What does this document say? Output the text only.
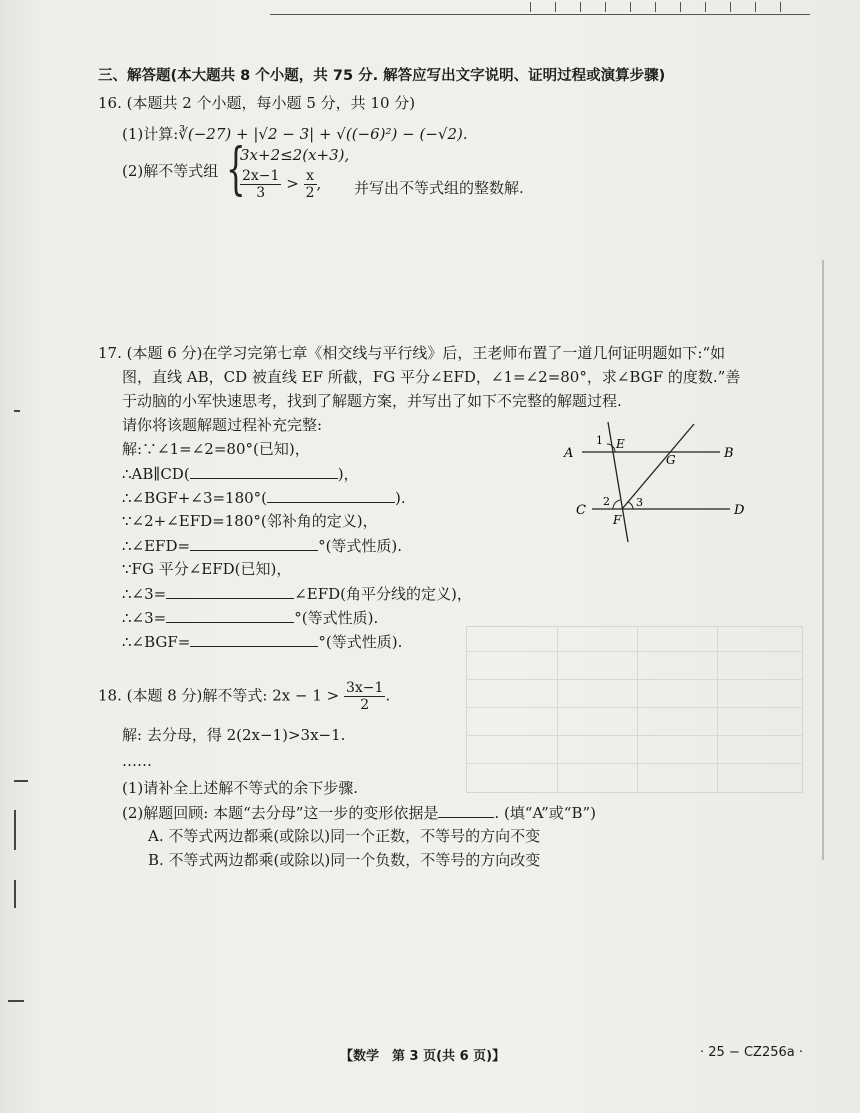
三、解答题(本大题共 8 个小题，共 75 分. 解答应写出文字说明、证明过程或演算步骤)
16. (本题共 2 个小题，每小题 5 分，共 10 分)
(1)计算:∛(−27) + |√2 − 3| + √((−6)²) − (−√2).
(2)解不等式组 {
3x+2≤2(x+3),
$\frac{2x-1}{3} > \frac{x}{2}$ , 并写出不等式组的整数解.
17. (本题 6 分)在学习完第七章《相交线与平行线》后，王老师布置了一道几何证明题如下:“如
图，直线 AB，CD 被直线 EF 所截，FG 平分∠EFD，∠1=∠2=80°，求∠BGF 的度数.”善
于动脑的小军快速思考，找到了解题方案，并写出了如下不完整的解题过程.
请你将该题解题过程补充完整:
解:∵∠1=∠2=80°(已知)，
∴AB∥CD(	)，
∴∠BGF+∠3=180°(	).
∵∠2+∠EFD=180°(邻补角的定义)，
∴∠EFD=	°(等式性质).
∵FG 平分∠EFD(已知)，
∴∠3=	∠EFD(角平分线的定义)，
∴∠3=	°(等式性质).
∴∠BGF=	°(等式性质).
A	B
C	D
E
F
G
1
2 3
18. (本题 8 分)解不等式: $2x - 1 > \frac{3x-1}{2}$ .
解: 去分母，得 2(2x−1)>3x−1.
……
(1)请补全上述解不等式的余下步骤.
(2)解题回顾: 本题“去分母”这一步的变形依据是	. (填“A”或“B”)
A. 不等式两边都乘(或除以)同一个正数，不等号的方向不变
B. 不等式两边都乘(或除以)同一个负数，不等号的方向改变
【数学　第 3 页(共 6 页)】	· 25 − CZ256a ·
